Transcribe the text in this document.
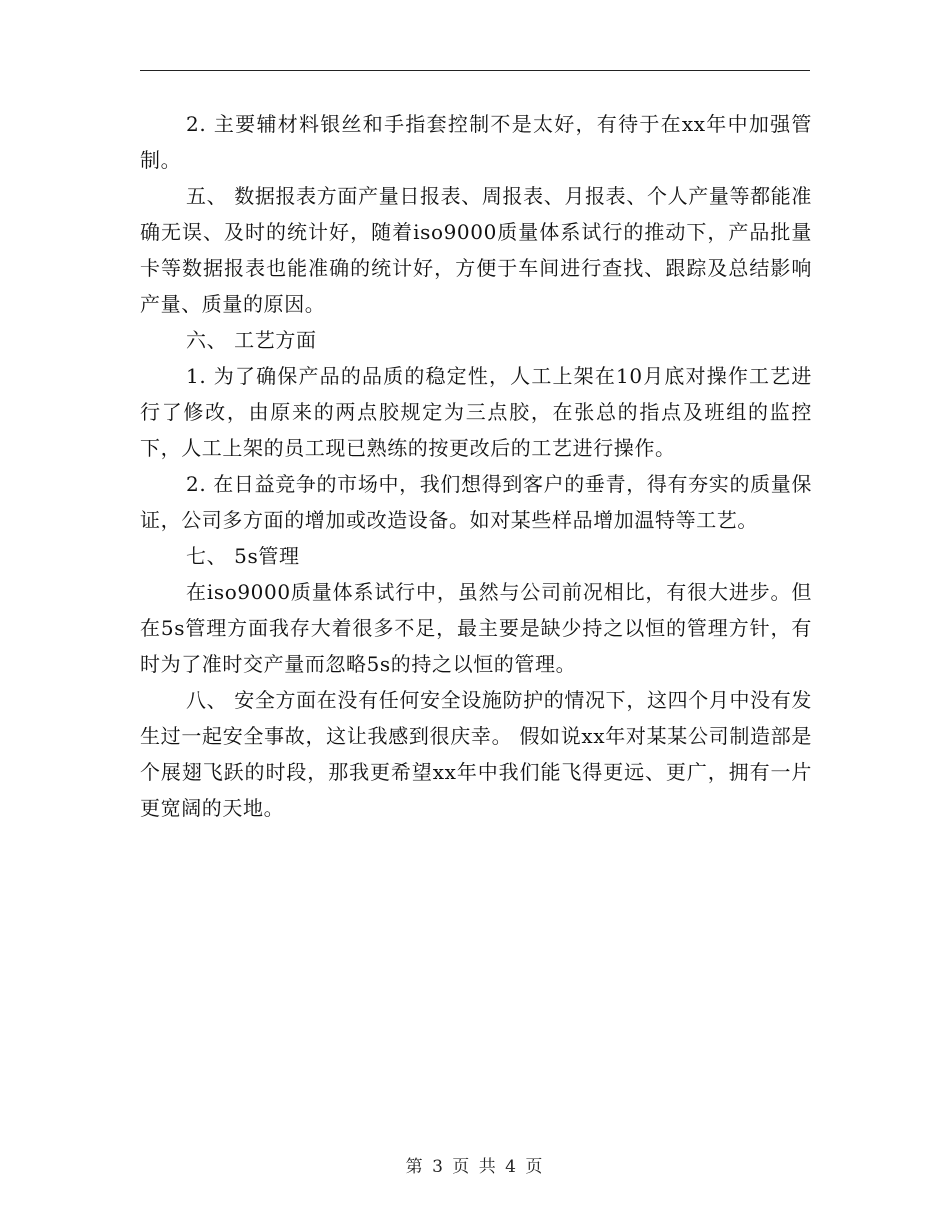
2. 主要辅材料银丝和手指套控制不是太好，有待于在xx年中加强管制。

五、 数据报表方面产量日报表、周报表、月报表、个人产量等都能准确无误、及时的统计好，随着iso9000质量体系试行的推动下，产品批量卡等数据报表也能准确的统计好，方便于车间进行查找、跟踪及总结影响产量、质量的原因。

六、 工艺方面

1. 为了确保产品的品质的稳定性，人工上架在10月底对操作工艺进行了修改，由原来的两点胶规定为三点胶，在张总的指点及班组的监控下，人工上架的员工现已熟练的按更改后的工艺进行操作。

2. 在日益竞争的市场中，我们想得到客户的垂青，得有夯实的质量保证，公司多方面的增加或改造设备。如对某些样品增加温特等工艺。

七、 5s管理

在iso9000质量体系试行中，虽然与公司前况相比，有很大进步。但在5s管理方面我存大着很多不足，最主要是缺少持之以恒的管理方针，有时为了准时交产量而忽略5s的持之以恒的管理。

八、 安全方面在没有任何安全设施防护的情况下，这四个月中没有发生过一起安全事故，这让我感到很庆幸。 假如说xx年对某某公司制造部是个展翅飞跃的时段，那我更希望xx年中我们能飞得更远、更广，拥有一片更宽阔的天地。

第 3 页 共 4 页
